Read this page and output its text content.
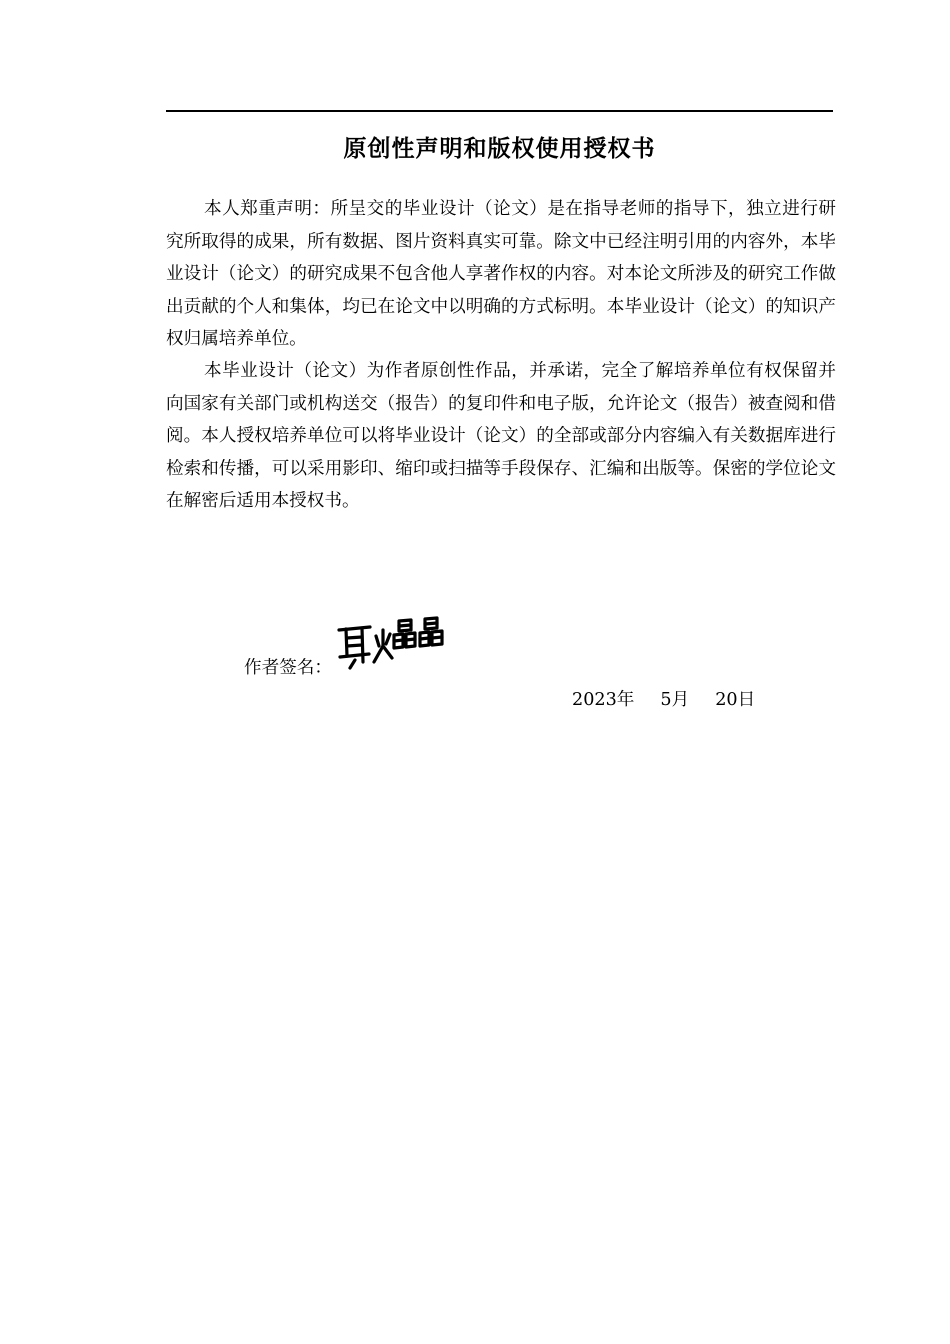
原创性声明和版权使用授权书

本人郑重声明：所呈交的毕业设计（论文）是在指导老师的指导下，独立进行研究所取得的成果，所有数据、图片资料真实可靠。除文中已经注明引用的内容外，本毕业设计（论文）的研究成果不包含他人享著作权的内容。对本论文所涉及的研究工作做出贡献的个人和集体，均已在论文中以明确的方式标明。本毕业设计（论文）的知识产权归属培养单位。

本毕业设计（论文）为作者原创性作品，并承诺，完全了解培养单位有权保留并向国家有关部门或机构送交（报告）的复印件和电子版，允许论文（报告）被查阅和借阅。本人授权培养单位可以将毕业设计（论文）的全部或部分内容编入有关数据库进行检索和传播，可以采用影印、缩印或扫描等手段保存、汇编和出版等。保密的学位论文在解密后适用本授权书。

作者签名：
2023年 5月 20日
